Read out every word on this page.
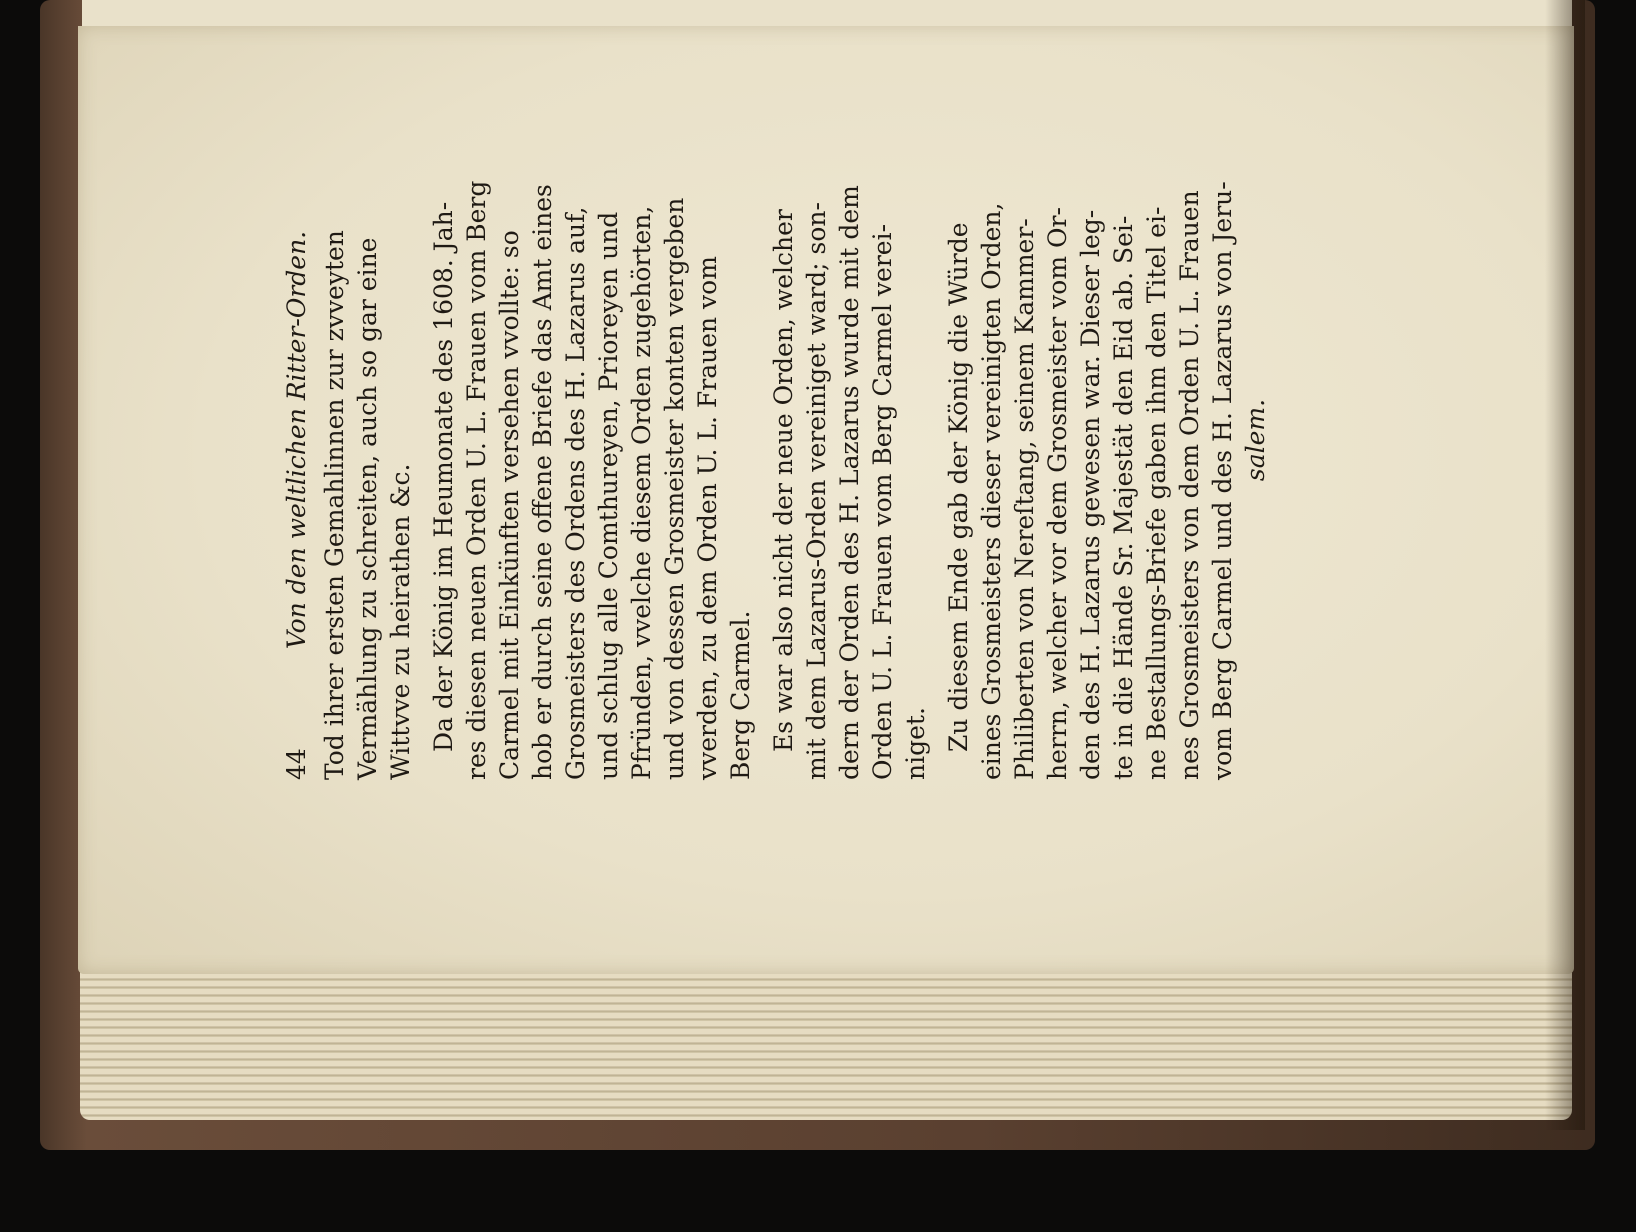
44
Von den weltlichen Ritter-Orden. Tod ihrer ersten Gemahlinnen zur zvveyten Vermählung zu schreiten, auch so gar eine Wittvve zu heirathen &c. Da der König im Heumonate des 1608. Jah- res diesen neuen Orden U. L. Frauen vom Berg Carmel mit Einkünften versehen vvollte: so hob er durch seine offene Briefe das Amt eines Grosmeisters des Ordens des H. Lazarus auf, und schlug alle Comthureyen, Prioreyen und Pfründen, vvelche diesem Orden zugehörten, und von dessen Grosmeister konten vergeben vverden, zu dem Orden U. L. Frauen vom Berg Carmel. Es war also nicht der neue Orden, welcher mit dem Lazarus-Orden vereiniget ward; son- dern der Orden des H. Lazarus wurde mit dem Orden U. L. Frauen vom Berg Carmel verei- niget. Zu diesem Ende gab der König die Würde eines Grosmeisters dieser vereinigten Orden, Philiberten von Nereſtang, seinem Kammer- herrn, welcher vor dem Grosmeister vom Or- den des H. Lazarus gewesen war. Dieser leg- te in die Hände Sr. Majestät den Eid ab. Sei- ne Bestallungs-Briefe gaben ihm den Titel ei- nes Grosmeisters von dem Orden U. L. Frauen vom Berg Carmel und des H. Lazarus von Jeru- salem.
